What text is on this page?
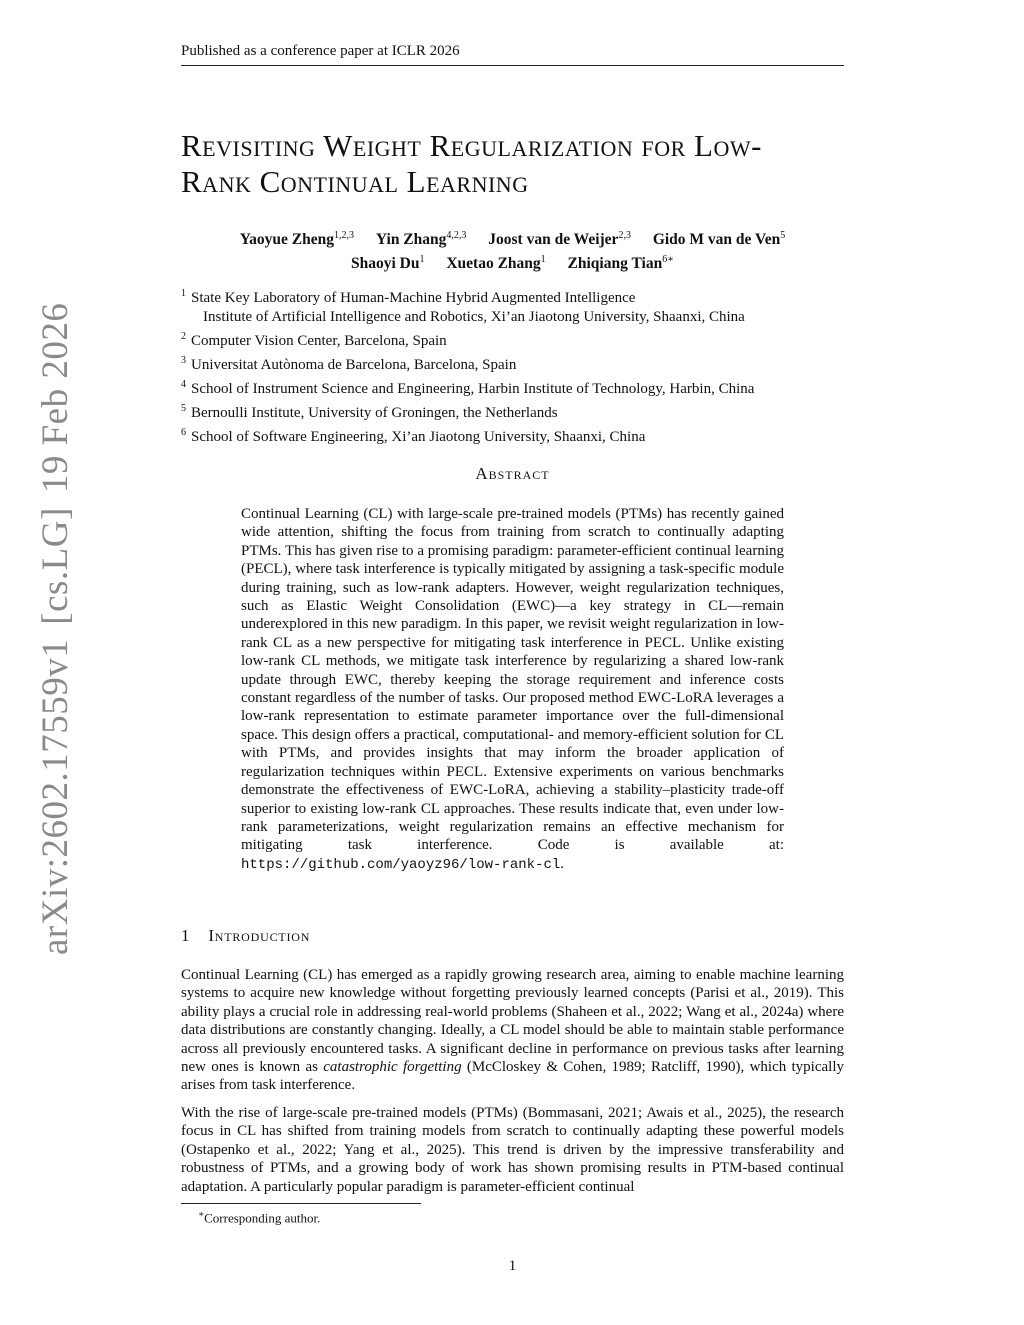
Published as a conference paper at ICLR 2026
arXiv:2602.17559v1[cs.LG]19 Feb 2026
Revisiting Weight Regularization for Low-
Rank Continual Learning
Yaoyue Zheng$^{1,2,3}$ Yin Zhang$^{4,2,3}$ Joost van de Weijer$^{2,3}$ Gido M van de Ven$^5$
Shaoyi Du$^1$ Xuetao Zhang$^1$ Zhiqiang Tian$^{6∗}$
$^1$ State Key Laboratory of Human-Machine Hybrid Augmented Intelligence
Institute of Artificial Intelligence and Robotics, Xi’an Jiaotong University, Shaanxi, China
$^2$ Computer Vision Center, Barcelona, Spain
$^3$ Universitat Autònoma de Barcelona, Barcelona, Spain
$^4$ School of Instrument Science and Engineering, Harbin Institute of Technology, Harbin, China
$^5$ Bernoulli Institute, University of Groningen, the Netherlands
$^6$ School of Software Engineering, Xi’an Jiaotong University, Shaanxi, China
Abstract
Continual Learning (CL) with large-scale pre-trained models (PTMs) has recently gained wide attention, shifting the focus from training from scratch to continually adapting PTMs. This has given rise to a promising paradigm: parameter-efficient continual learning (PECL), where task interference is typically mitigated by assigning a task-specific module during training, such as low-rank adapters. However, weight regularization techniques, such as Elastic Weight Consolidation (EWC)—a key strategy in CL—remain underexplored in this new paradigm. In this paper, we revisit weight regularization in low-rank CL as a new perspective for mitigating task interference in PECL. Unlike existing low-rank CL methods, we mitigate task interference by regularizing a shared low-rank update through EWC, thereby keeping the storage requirement and inference costs constant regardless of the number of tasks. Our proposed method EWC-LoRA leverages a low-rank representation to estimate parameter importance over the full-dimensional space. This design offers a practical, computational- and memory-efficient solution for CL with PTMs, and provides insights that may inform the broader application of regularization techniques within PECL. Extensive experiments on various benchmarks demonstrate the effectiveness of EWC-LoRA, achieving a stability–plasticity trade-off superior to existing low-rank CL approaches. These results indicate that, even under low-rank parameterizations, weight regularization remains an effective mechanism for mitigating task interference. Code is available at: https://github.com/yaoyz96/low-rank-cl.
1 Introduction
Continual Learning (CL) has emerged as a rapidly growing research area, aiming to enable machine learning systems to acquire new knowledge without forgetting previously learned concepts (Parisi et al., 2019). This ability plays a crucial role in addressing real-world problems (Shaheen et al., 2022; Wang et al., 2024a) where data distributions are constantly changing. Ideally, a CL model should be able to maintain stable performance across all previously encountered tasks. A significant decline in performance on previous tasks after learning new ones is known as catastrophic forgetting (McCloskey & Cohen, 1989; Ratcliff, 1990), which typically arises from task interference.
With the rise of large-scale pre-trained models (PTMs) (Bommasani, 2021; Awais et al., 2025), the research focus in CL has shifted from training models from scratch to continually adapting these powerful models (Ostapenko et al., 2022; Yang et al., 2025). This trend is driven by the impressive transferability and robustness of PTMs, and a growing body of work has shown promising results in PTM-based continual adaptation. A particularly popular paradigm is parameter-efficient continual
∗Corresponding author.
1
